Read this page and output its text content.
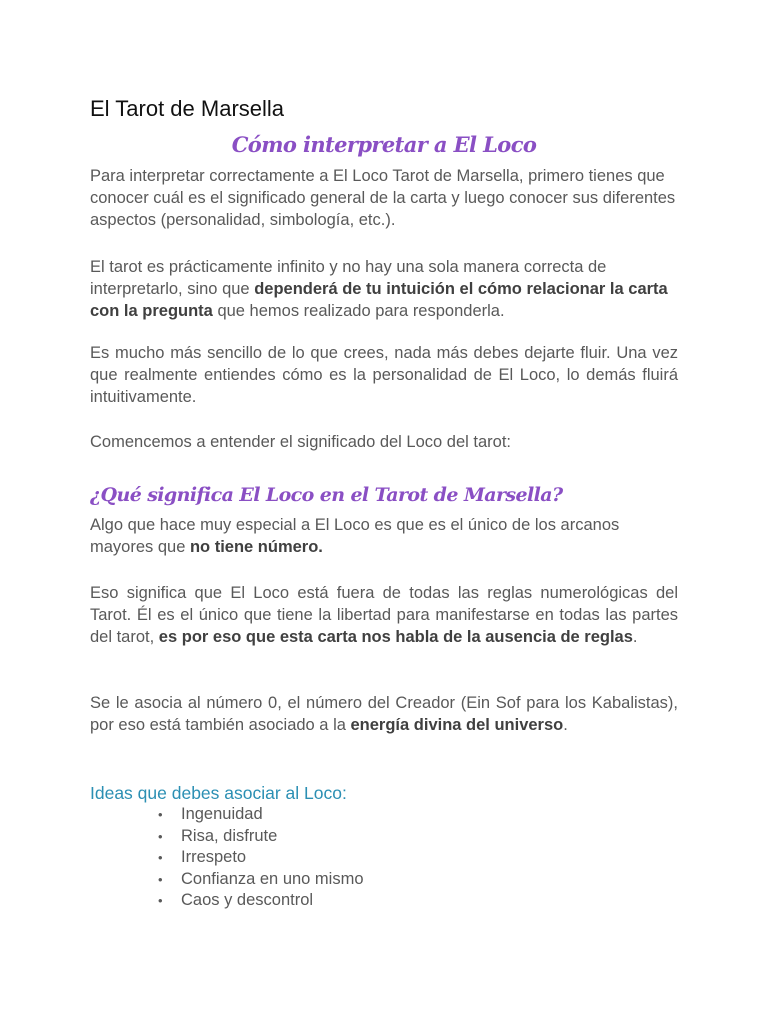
El Tarot de Marsella
Cómo interpretar a El Loco

Para interpretar correctamente a El Loco Tarot de Marsella, primero tienes que conocer cuál es el significado general de la carta y luego conocer sus diferentes aspectos (personalidad, simbología, etc.).

El tarot es prácticamente infinito y no hay una sola manera correcta de interpretarlo, sino que dependerá de tu intuición el cómo relacionar la carta con la pregunta que hemos realizado para responderla.

Es mucho más sencillo de lo que crees, nada más debes dejarte fluir. Una vez que realmente entiendes cómo es la personalidad de El Loco, lo demás fluirá intuitivamente.

Comencemos a entender el significado del Loco del tarot:

¿Qué significa El Loco en el Tarot de Marsella?

Algo que hace muy especial a El Loco es que es el único de los arcanos mayores que no tiene número.

Eso significa que El Loco está fuera de todas las reglas numerológicas del Tarot. Él es el único que tiene la libertad para manifestarse en todas las partes del tarot, es por eso que esta carta nos habla de la ausencia de reglas.

Se le asocia al número 0, el número del Creador (Ein Sof para los Kabalistas), por eso está también asociado a la energía divina del universo.

Ideas que debes asociar al Loco:
• Ingenuidad
• Risa, disfrute
• Irrespeto
• Confianza en uno mismo
• Caos y descontrol
